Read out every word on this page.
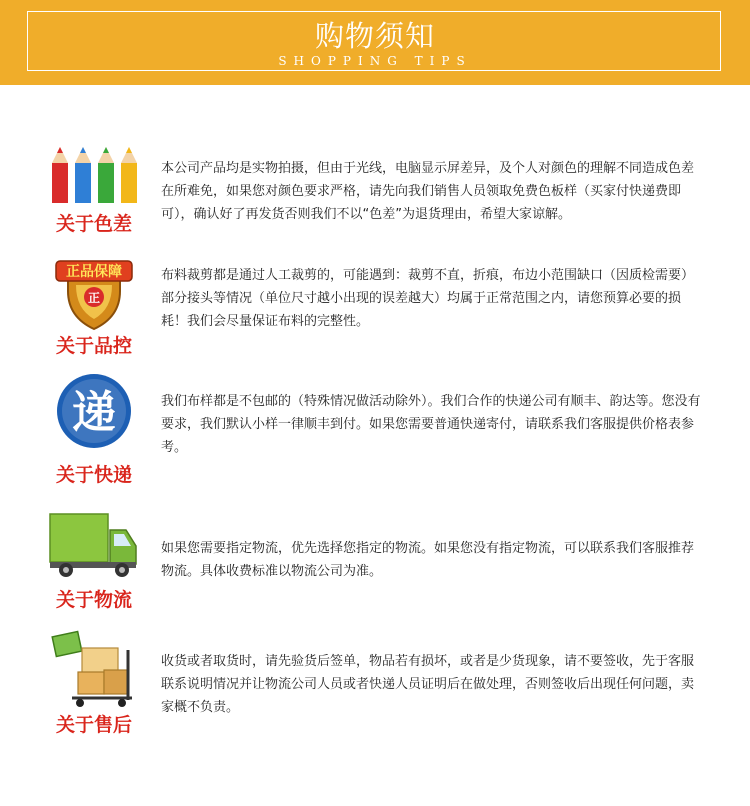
购物须知
SHOPPING TIPS
关于色差
本公司产品均是实物拍摄，但由于光线，电脑显示屏差异，及个人对颜色的理解不同造成色差在所难免，如果您对颜色要求严格，请先向我们销售人员领取免费色板样（买家付快递费即可），确认好了再发货否则我们不以“色差”为退货理由，希望大家谅解。
正品保障
正
关于品控
布料裁剪都是通过人工裁剪的，可能遇到：裁剪不直，折痕，布边小范围缺口（因质检需要）部分接头等情况（单位尺寸越小出现的误差越大）均属于正常范围之内，请您预算必要的损耗！我们会尽量保证布料的完整性。
递
关于快递
我们布样都是不包邮的（特殊情况做活动除外）。我们合作的快递公司有顺丰、韵达等。您没有要求，我们默认小样一律顺丰到付。如果您需要普通快递寄付，请联系我们客服提供价格表参考。
关于物流
如果您需要指定物流，优先选择您指定的物流。如果您没有指定物流，可以联系我们客服推荐物流。具体收费标准以物流公司为准。
关于售后
收货或者取货时，请先验货后签单，物品若有损坏，或者是少货现象，请不要签收，先于客服联系说明情况并让物流公司人员或者快递人员证明后在做处理，否则签收后出现任何问题，卖家概不负责。
